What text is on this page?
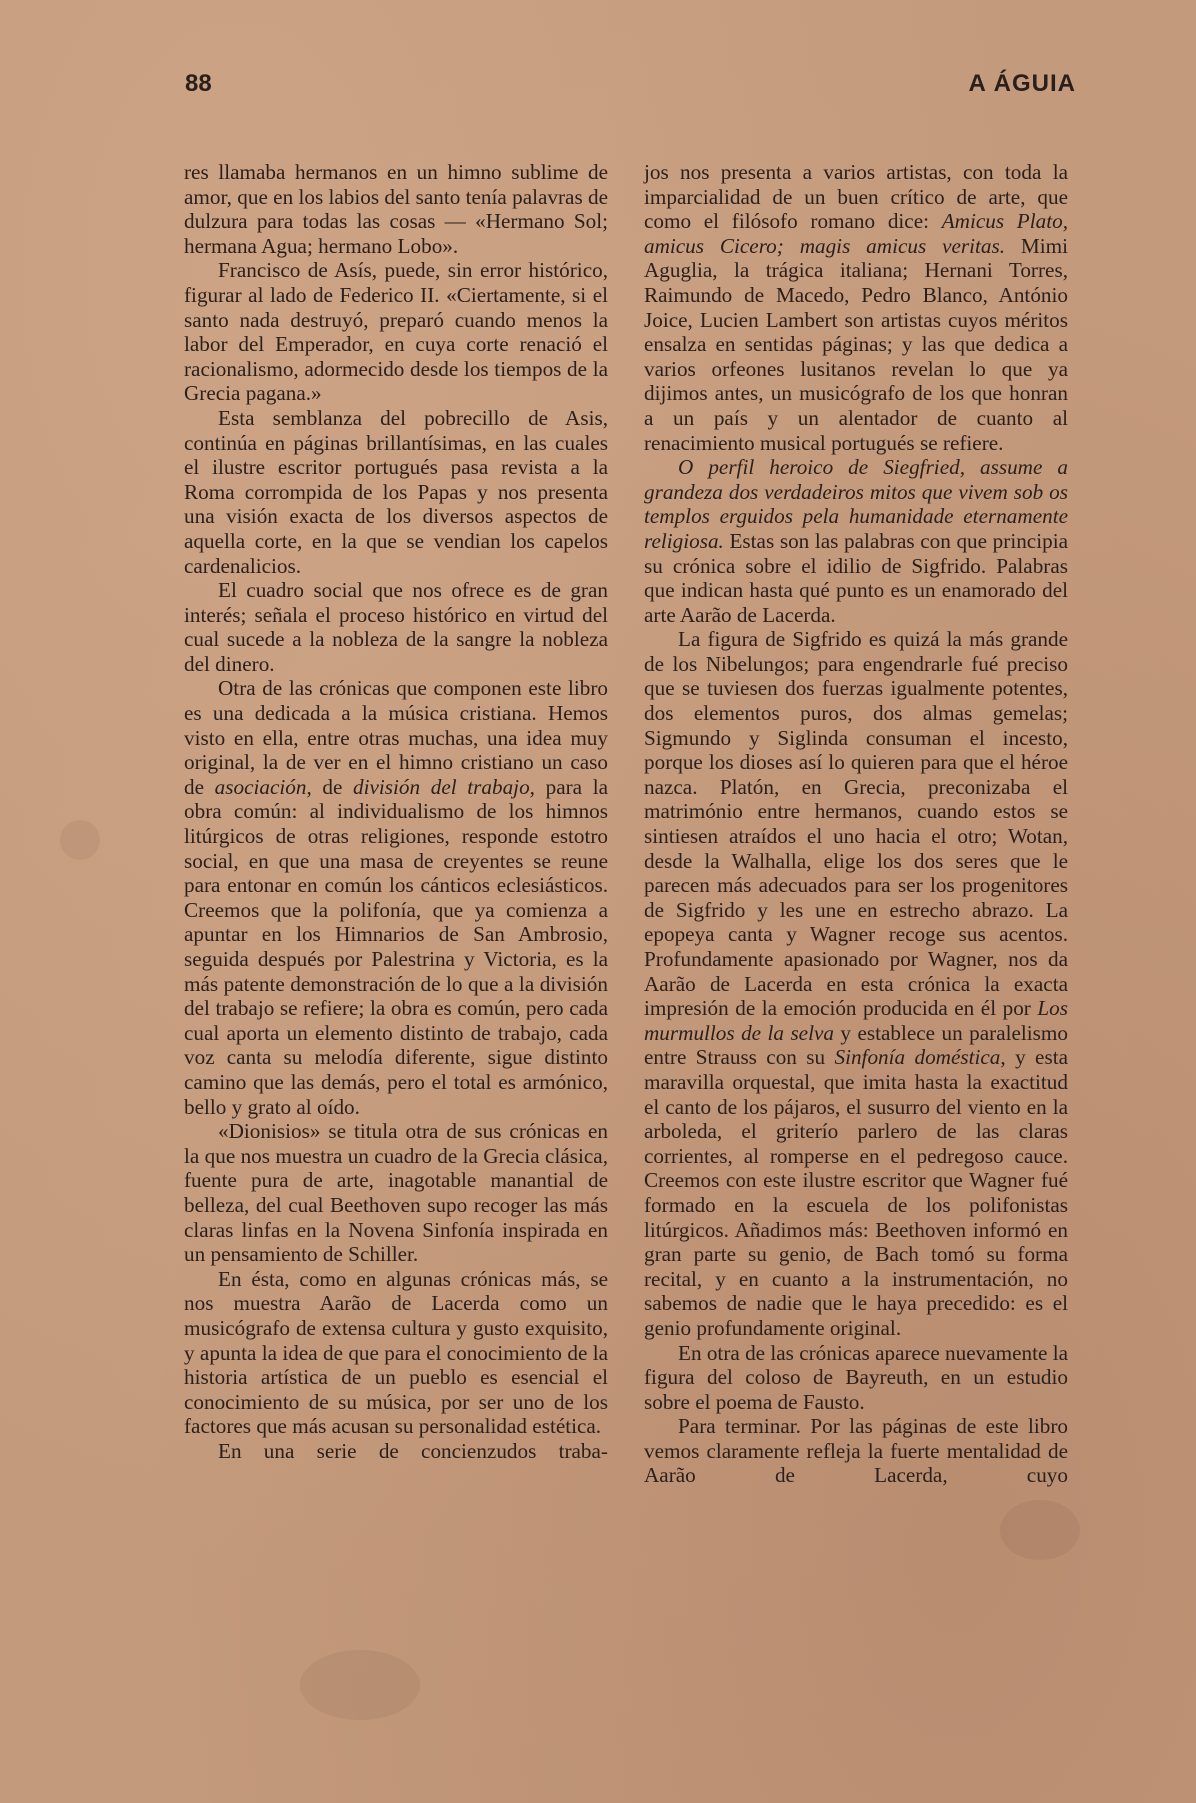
88	A ÁGUIA

res llamaba hermanos en un himno sublime de amor, que en los labios del santo tenía palavras de dulzura para todas las cosas — «Hermano Sol; hermana Agua; hermano Lobo».

Francisco de Asís, puede, sin error histórico, figurar al lado de Federico II. «Ciertamente, si el santo nada destruyó, preparó cuando menos la labor del Emperador, en cuya corte renació el racionalismo, adormecido desde los tiempos de la Grecia pagana.»

Esta semblanza del pobrecillo de Asis, continúa en páginas brillantísimas, en las cuales el ilustre escritor portugués pasa revista a la Roma corrompida de los Papas y nos presenta una visión exacta de los diversos aspectos de aquella corte, en la que se vendian los capelos cardenalicios.

El cuadro social que nos ofrece es de gran interés; señala el proceso histórico en virtud del cual sucede a la nobleza de la sangre la nobleza del dinero.

Otra de las crónicas que componen este libro es una dedicada a la música cristiana. Hemos visto en ella, entre otras muchas, una idea muy original, la de ver en el himno cristiano un caso de asociación, de división del trabajo, para la obra común: al individualismo de los himnos litúrgicos de otras religiones, responde estotro social, en que una masa de creyentes se reune para entonar en común los cánticos eclesiásticos. Creemos que la polifonía, que ya comienza a apuntar en los Himnarios de San Ambrosio, seguida después por Palestrina y Victoria, es la más patente demonstración de lo que a la división del trabajo se refiere; la obra es común, pero cada cual aporta un elemento distinto de trabajo, cada voz canta su melodía diferente, sigue distinto camino que las demás, pero el total es armónico, bello y grato al oído.

«Dionisios» se titula otra de sus crónicas en la que nos muestra un cuadro de la Grecia clásica, fuente pura de arte, inagotable manantial de belleza, del cual Beethoven supo recoger las más claras linfas en la Novena Sinfonía inspirada en un pensamiento de Schiller.

En ésta, como en algunas crónicas más, se nos muestra Aarão de Lacerda como un musicógrafo de extensa cultura y gusto exquisito, y apunta la idea de que para el conocimiento de la historia artística de un pueblo es esencial el conocimiento de su música, por ser uno de los factores que más acusan su personalidad estética.

En una serie de concienzudos traba-

jos nos presenta a varios artistas, con toda la imparcialidad de un buen crítico de arte, que como el filósofo romano dice: Amicus Plato, amicus Cicero; magis amicus veritas. Mimi Aguglia, la trágica italiana; Hernani Torres, Raimundo de Macedo, Pedro Blanco, António Joice, Lucien Lambert son artistas cuyos méritos ensalza en sentidas páginas; y las que dedica a varios orfeones lusitanos revelan lo que ya dijimos antes, un musicógrafo de los que honran a un país y un alentador de cuanto al renacimiento musical portugués se refiere.

O perfil heroico de Siegfried, assume a grandeza dos verdadeiros mitos que vivem sob os templos erguidos pela humanidade eternamente religiosa. Estas son las palabras con que principia su crónica sobre el idilio de Sigfrido. Palabras que indican hasta qué punto es un enamorado del arte Aarão de Lacerda.

La figura de Sigfrido es quizá la más grande de los Nibelungos; para engendrarle fué preciso que se tuviesen dos fuerzas igualmente potentes, dos elementos puros, dos almas gemelas; Sigmundo y Siglinda consuman el incesto, porque los dioses así lo quieren para que el héroe nazca. Platón, en Grecia, preconizaba el matrimónio entre hermanos, cuando estos se sintiesen atraídos el uno hacia el otro; Wotan, desde la Walhalla, elige los dos seres que le parecen más adecuados para ser los progenitores de Sigfrido y les une en estrecho abrazo. La epopeya canta y Wagner recoge sus acentos. Profundamente apasionado por Wagner, nos da Aarão de Lacerda en esta crónica la exacta impresión de la emoción producida en él por Los murmullos de la selva y establece un paralelismo entre Strauss con su Sinfonía doméstica, y esta maravilla orquestal, que imita hasta la exactitud el canto de los pájaros, el susurro del viento en la arboleda, el griterío parlero de las claras corrientes, al romperse en el pedregoso cauce. Creemos con este ilustre escritor que Wagner fué formado en la escuela de los polifonistas litúrgicos. Añadimos más: Beethoven informó en gran parte su genio, de Bach tomó su forma recital, y en cuanto a la instrumentación, no sabemos de nadie que le haya precedido: es el genio profundamente original.

En otra de las crónicas aparece nuevamente la figura del coloso de Bayreuth, en un estudio sobre el poema de Fausto.

Para terminar. Por las páginas de este libro vemos claramente refleja la fuerte mentalidad de Aarão de Lacerda, cuyo
